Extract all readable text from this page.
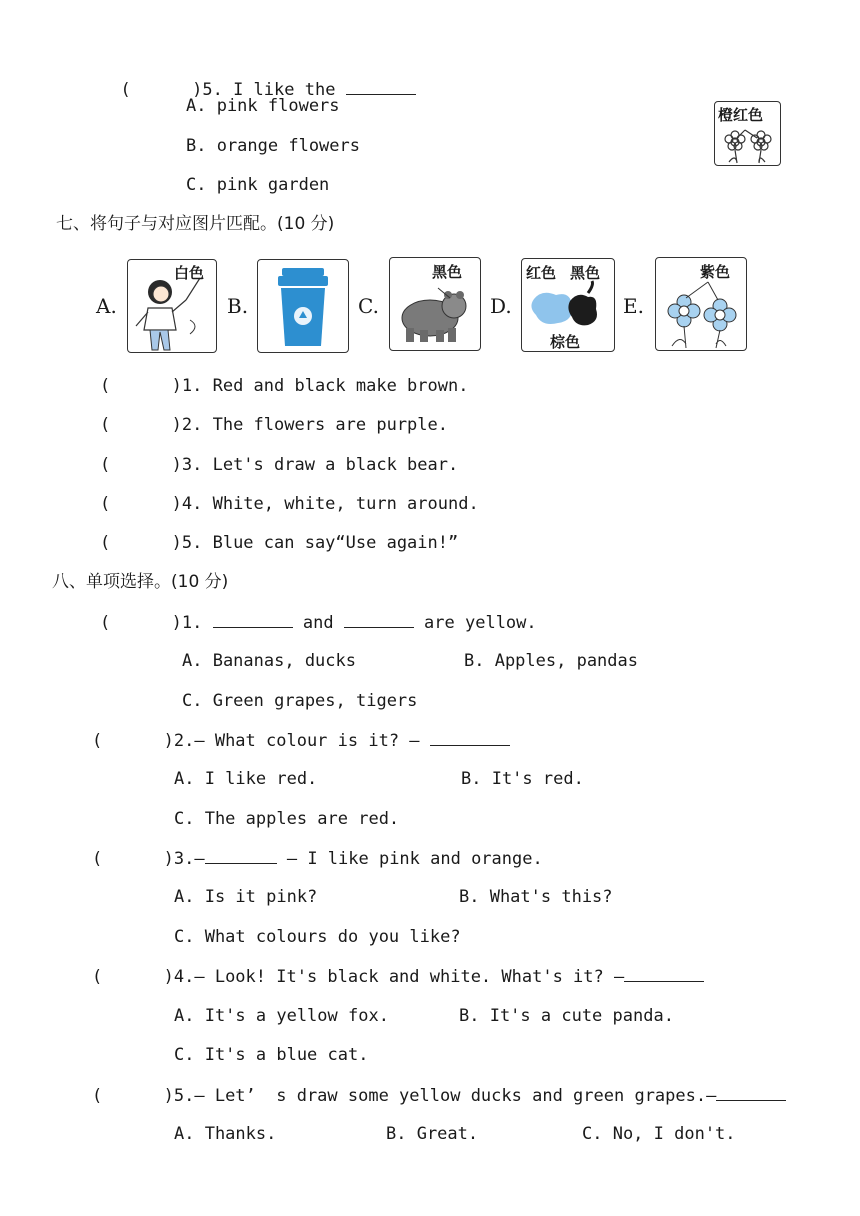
(      )5. I like the

A. pink flowers
B. orange flowers
C. pink garden
橙红色
七、将句子与对应图片匹配。(10 分)
A.
白色
B.	C.
黑色
D.
红色 黑色
棕色
E.
紫色
(      )1. Red and black make brown.
(      )2. The flowers are purple.
(      )3. Let's draw a black bear.
(      )4. White, white, turn around.
(      )5. Blue can say“Use again!”
八、单项选择。(10 分)
(      )1.	and	are yellow.
A. Bananas, ducks	B. Apples, pandas
C. Green grapes, tigers
(      )2.— What colour is it? —
A. I like red.	B. It's red.
C. The apples are red.
(      )3.—	— I like pink and orange.
A. Is it pink?	B. What's this?
C. What colours do you like?
(      )4.— Look! It's black and white. What's it? —
A. It's a yellow fox.	B. It's a cute panda.
C. It's a blue cat.
(      )5.— Let’  s draw some yellow ducks and green grapes.—
A. Thanks.	B. Great.	C. No, I don't.
